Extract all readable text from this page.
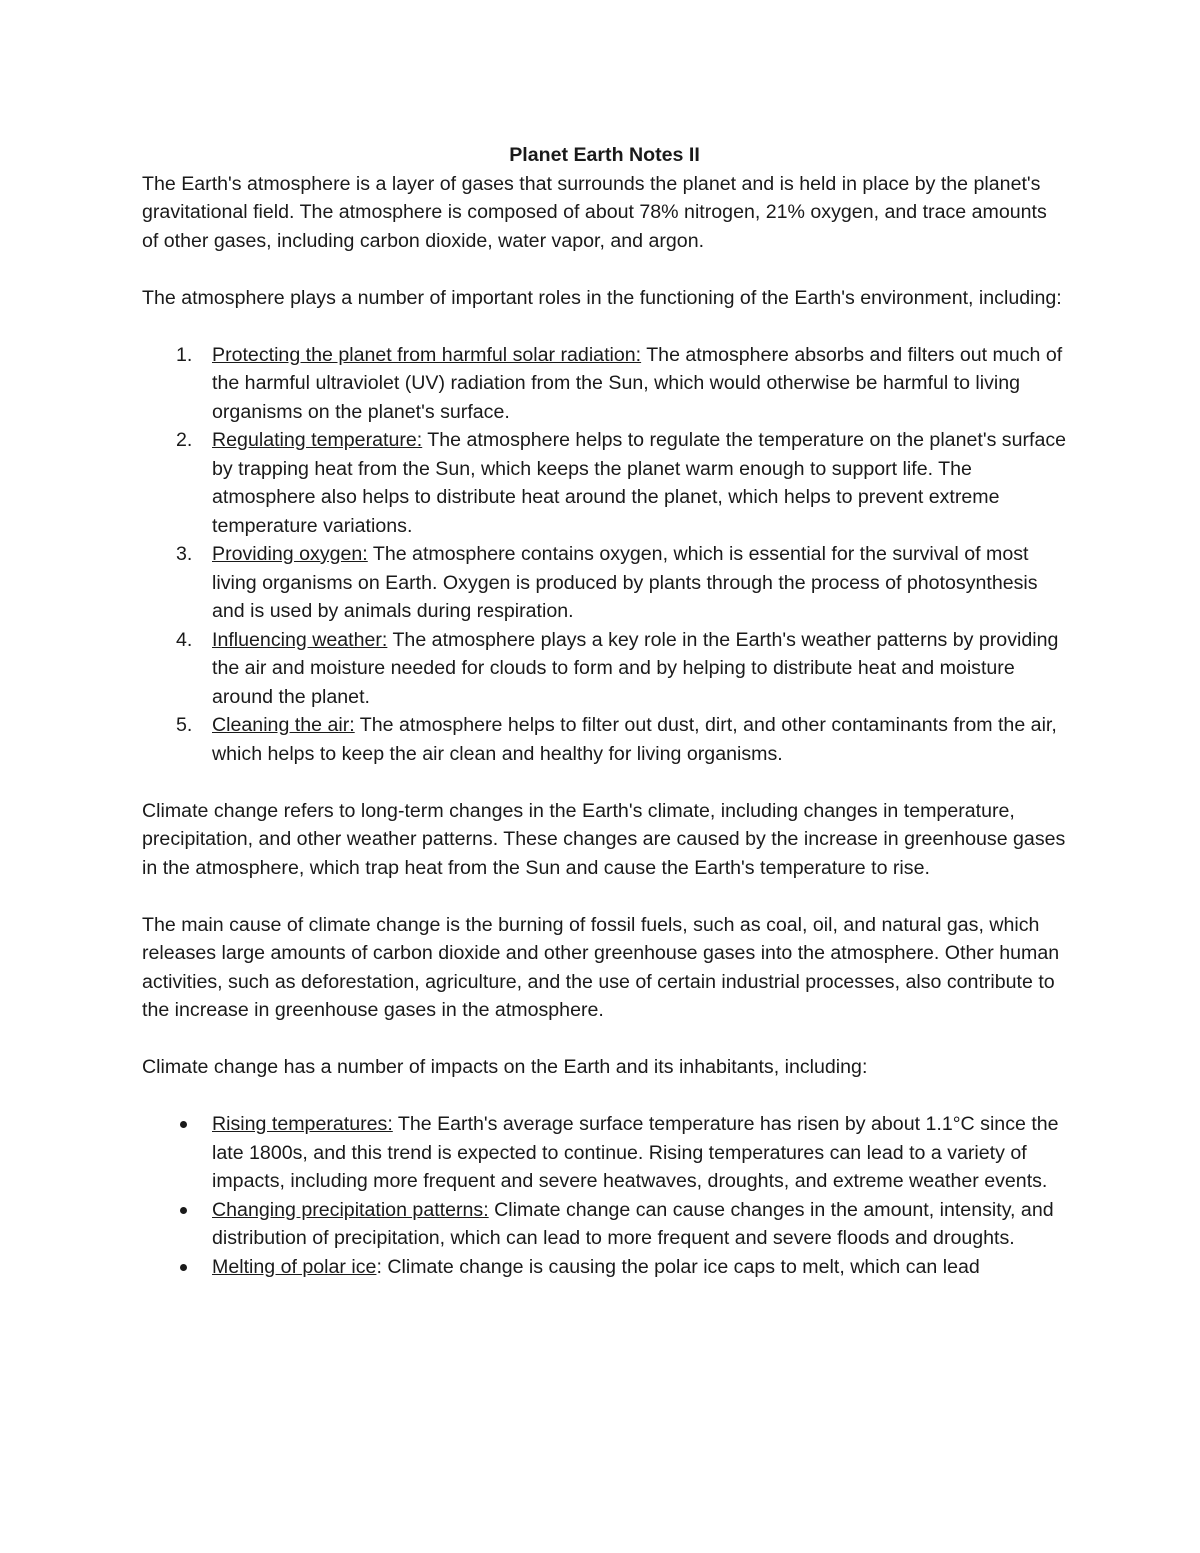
Planet Earth Notes II

The Earth's atmosphere is a layer of gases that surrounds the planet and is held in place by the planet's gravitational field. The atmosphere is composed of about 78% nitrogen, 21% oxygen, and trace amounts of other gases, including carbon dioxide, water vapor, and argon.

The atmosphere plays a number of important roles in the functioning of the Earth's environment, including:

1. Protecting the planet from harmful solar radiation: The atmosphere absorbs and filters out much of the harmful ultraviolet (UV) radiation from the Sun, which would otherwise be harmful to living organisms on the planet's surface.
2. Regulating temperature: The atmosphere helps to regulate the temperature on the planet's surface by trapping heat from the Sun, which keeps the planet warm enough to support life. The atmosphere also helps to distribute heat around the planet, which helps to prevent extreme temperature variations.
3. Providing oxygen: The atmosphere contains oxygen, which is essential for the survival of most living organisms on Earth. Oxygen is produced by plants through the process of photosynthesis and is used by animals during respiration.
4. Influencing weather: The atmosphere plays a key role in the Earth's weather patterns by providing the air and moisture needed for clouds to form and by helping to distribute heat and moisture around the planet.
5. Cleaning the air: The atmosphere helps to filter out dust, dirt, and other contaminants from the air, which helps to keep the air clean and healthy for living organisms.

Climate change refers to long-term changes in the Earth's climate, including changes in temperature, precipitation, and other weather patterns. These changes are caused by the increase in greenhouse gases in the atmosphere, which trap heat from the Sun and cause the Earth's temperature to rise.

The main cause of climate change is the burning of fossil fuels, such as coal, oil, and natural gas, which releases large amounts of carbon dioxide and other greenhouse gases into the atmosphere. Other human activities, such as deforestation, agriculture, and the use of certain industrial processes, also contribute to the increase in greenhouse gases in the atmosphere.

Climate change has a number of impacts on the Earth and its inhabitants, including:

Rising temperatures: The Earth's average surface temperature has risen by about 1.1°C since the late 1800s, and this trend is expected to continue. Rising temperatures can lead to a variety of impacts, including more frequent and severe heatwaves, droughts, and extreme weather events.
Changing precipitation patterns: Climate change can cause changes in the amount, intensity, and distribution of precipitation, which can lead to more frequent and severe floods and droughts.
Melting of polar ice: Climate change is causing the polar ice caps to melt, which can lead
